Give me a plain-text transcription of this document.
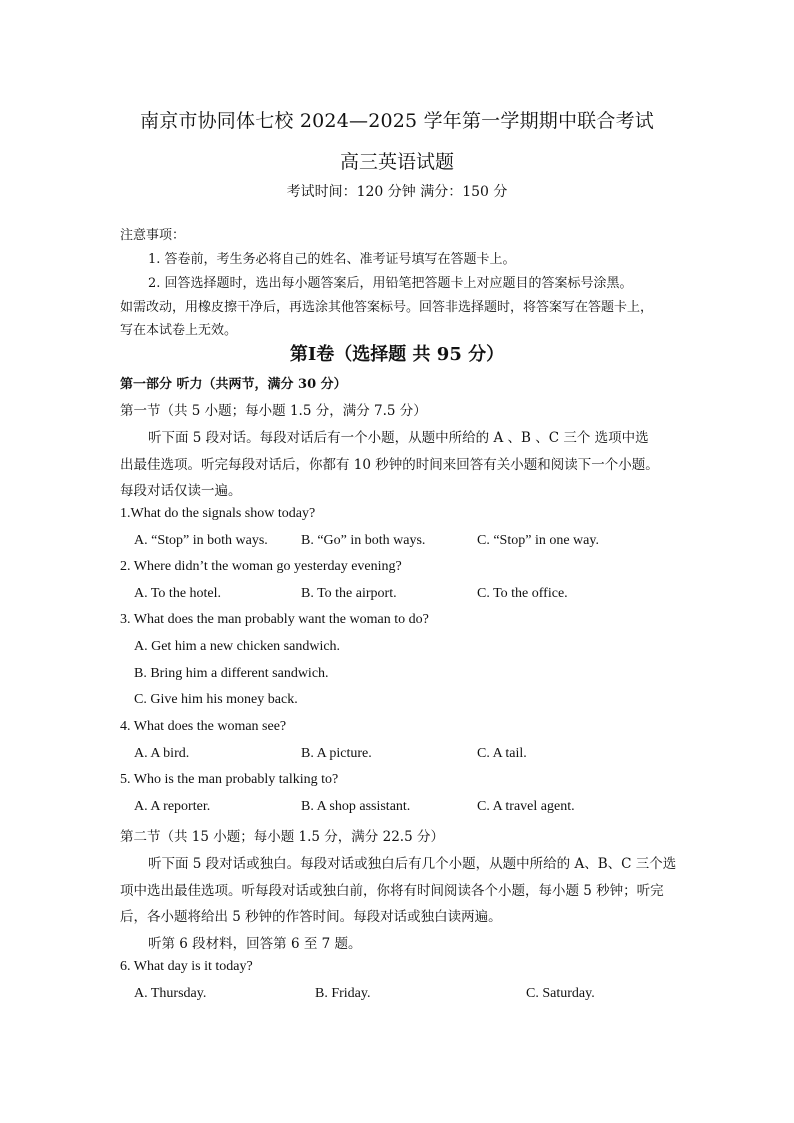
南京市协同体七校 2024—2025 学年第一学期期中联合考试
高三英语试题
考试时间：120 分钟 满分：150 分
注意事项：
1. 答卷前，考生务必将自己的姓名、准考证号填写在答题卡上。
2. 回答选择题时，选出每小题答案后，用铅笔把答题卡上对应题目的答案标号涂黑。
如需改动，用橡皮擦干净后，再选涂其他答案标号。回答非选择题时，将答案写在答题卡上，
写在本试卷上无效。
第Ⅰ卷（选择题 共 95 分）
第一部分 听力（共两节，满分 30 分）
第一节（共 5 小题；每小题 1.5 分，满分 7.5 分）
听下面 5 段对话。每段对话后有一个小题，从题中所给的 A 、B 、C 三个 选项中选
出最佳选项。听完每段对话后，你都有 10 秒钟的时间来回答有关小题和阅读下一个小题。
每段对话仅读一遍。
1.What do the signals show today?
A. “Stop” in both ways. B. “Go” in both ways.	C. “Stop” in one way.
2. Where didn’t the woman go yesterday evening?
A. To the hotel.	B. To the airport.	C. To the office.
3. What does the man probably want the woman to do?
A. Get him a new chicken sandwich.
B. Bring him a different sandwich.
C. Give him his money back.
4. What does the woman see?
A. A bird.	B. A picture.	C. A tail.
5. Who is the man probably talking to?
A. A reporter.	B. A shop assistant.	C. A travel agent.
第二节（共 15 小题；每小题 1.5 分，满分 22.5 分）
听下面 5 段对话或独白。每段对话或独白后有几个小题，从题中所给的 A、B、C 三个选
项中选出最佳选项。听每段对话或独白前，你将有时间阅读各个小题，每小题 5 秒钟；听完
后，各小题将给出 5 秒钟的作答时间。每段对话或独白读两遍。
听第 6 段材料，回答第 6 至 7 题。
6. What day is it today?
A. Thursday.	B. Friday.	C. Saturday.
